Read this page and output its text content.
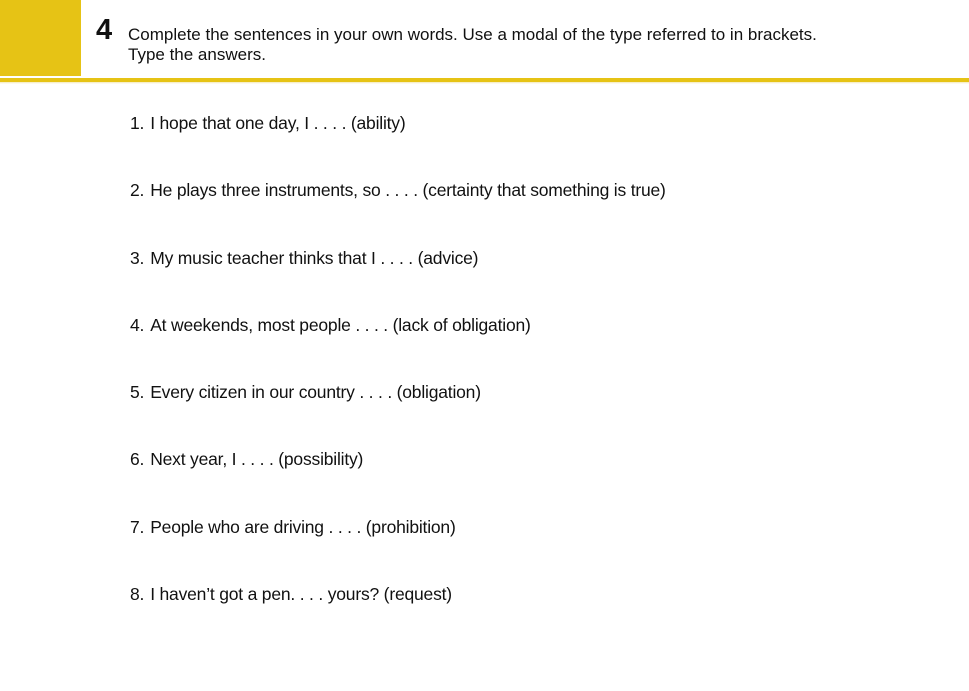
4 Complete the sentences in your own words. Use a modal of the type referred to in brackets.
Type the answers.
1. I hope that one day, I . . . . (ability)
2. He plays three instruments, so . . . . (certainty that something is true)
3. My music teacher thinks that I . . . . (advice)
4. At weekends, most people . . . . (lack of obligation)
5. Every citizen in our country . . . . (obligation)
6. Next year, I . . . . (possibility)
7. People who are driving . . . . (prohibition)
8. I haven’t got a pen. . . . yours? (request)
